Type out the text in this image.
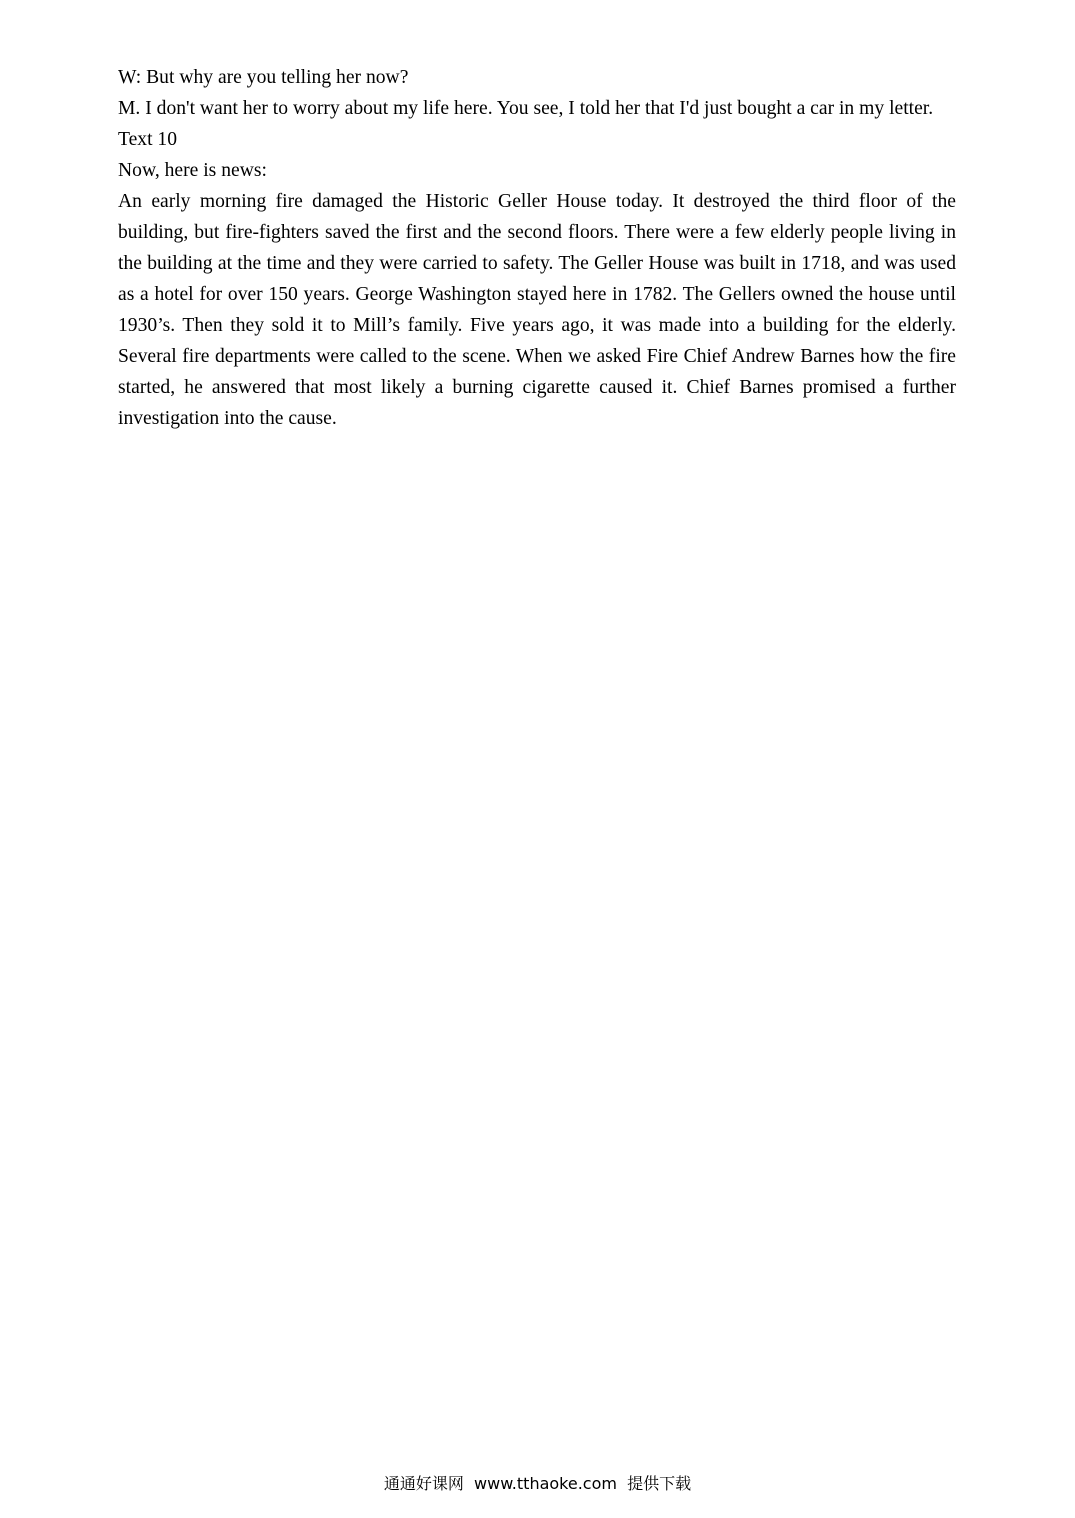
W: But why are you telling her now?

M. I don't want her to worry about my life here. You see, I told her that I'd just bought a car in my letter.

Text 10

Now, here is news:

An early morning fire damaged the Historic Geller House today. It destroyed the third floor of the building, but fire-fighters saved the first and the second floors. There were a few elderly people living in the building at the time and they were carried to safety. The Geller House was built in 1718, and was used as a hotel for over 150 years. George Washington stayed here in 1782. The Gellers owned the house until 1930’s. Then they sold it to Mill’s family. Five years ago, it was made into a building for the elderly. Several fire departments were called to the scene. When we asked Fire Chief Andrew Barnes how the fire started, he answered that most likely a burning cigarette caused it. Chief Barnes promised a further investigation into the cause.

通通好课网  www.tthaoke.com  提供下载
